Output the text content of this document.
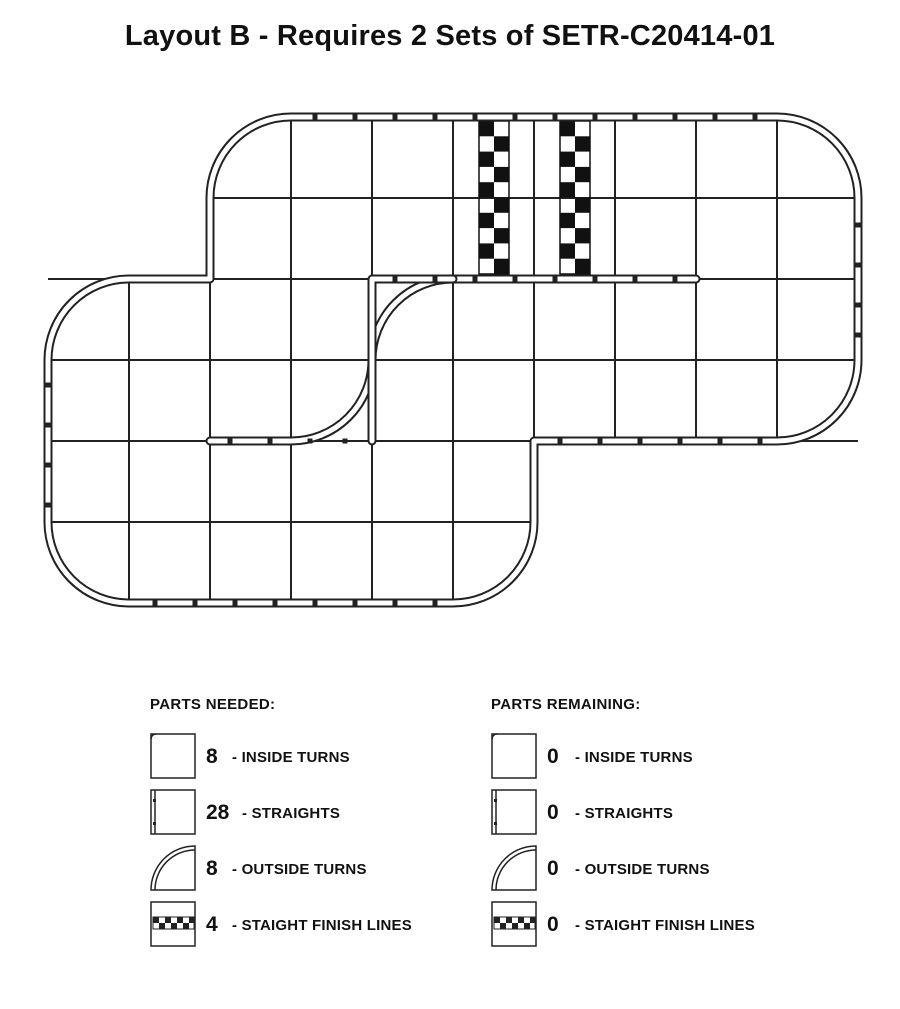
Layout B - Requires 2 Sets of SETR-C20414-01
PARTS NEEDED:
8 - INSIDE TURNS
28 - STRAIGHTS
8 - OUTSIDE TURNS
4 - STAIGHT FINISH LINES
PARTS REMAINING:
0 - INSIDE TURNS
0 - STRAIGHTS
0 - OUTSIDE TURNS
0 - STAIGHT FINISH LINES
